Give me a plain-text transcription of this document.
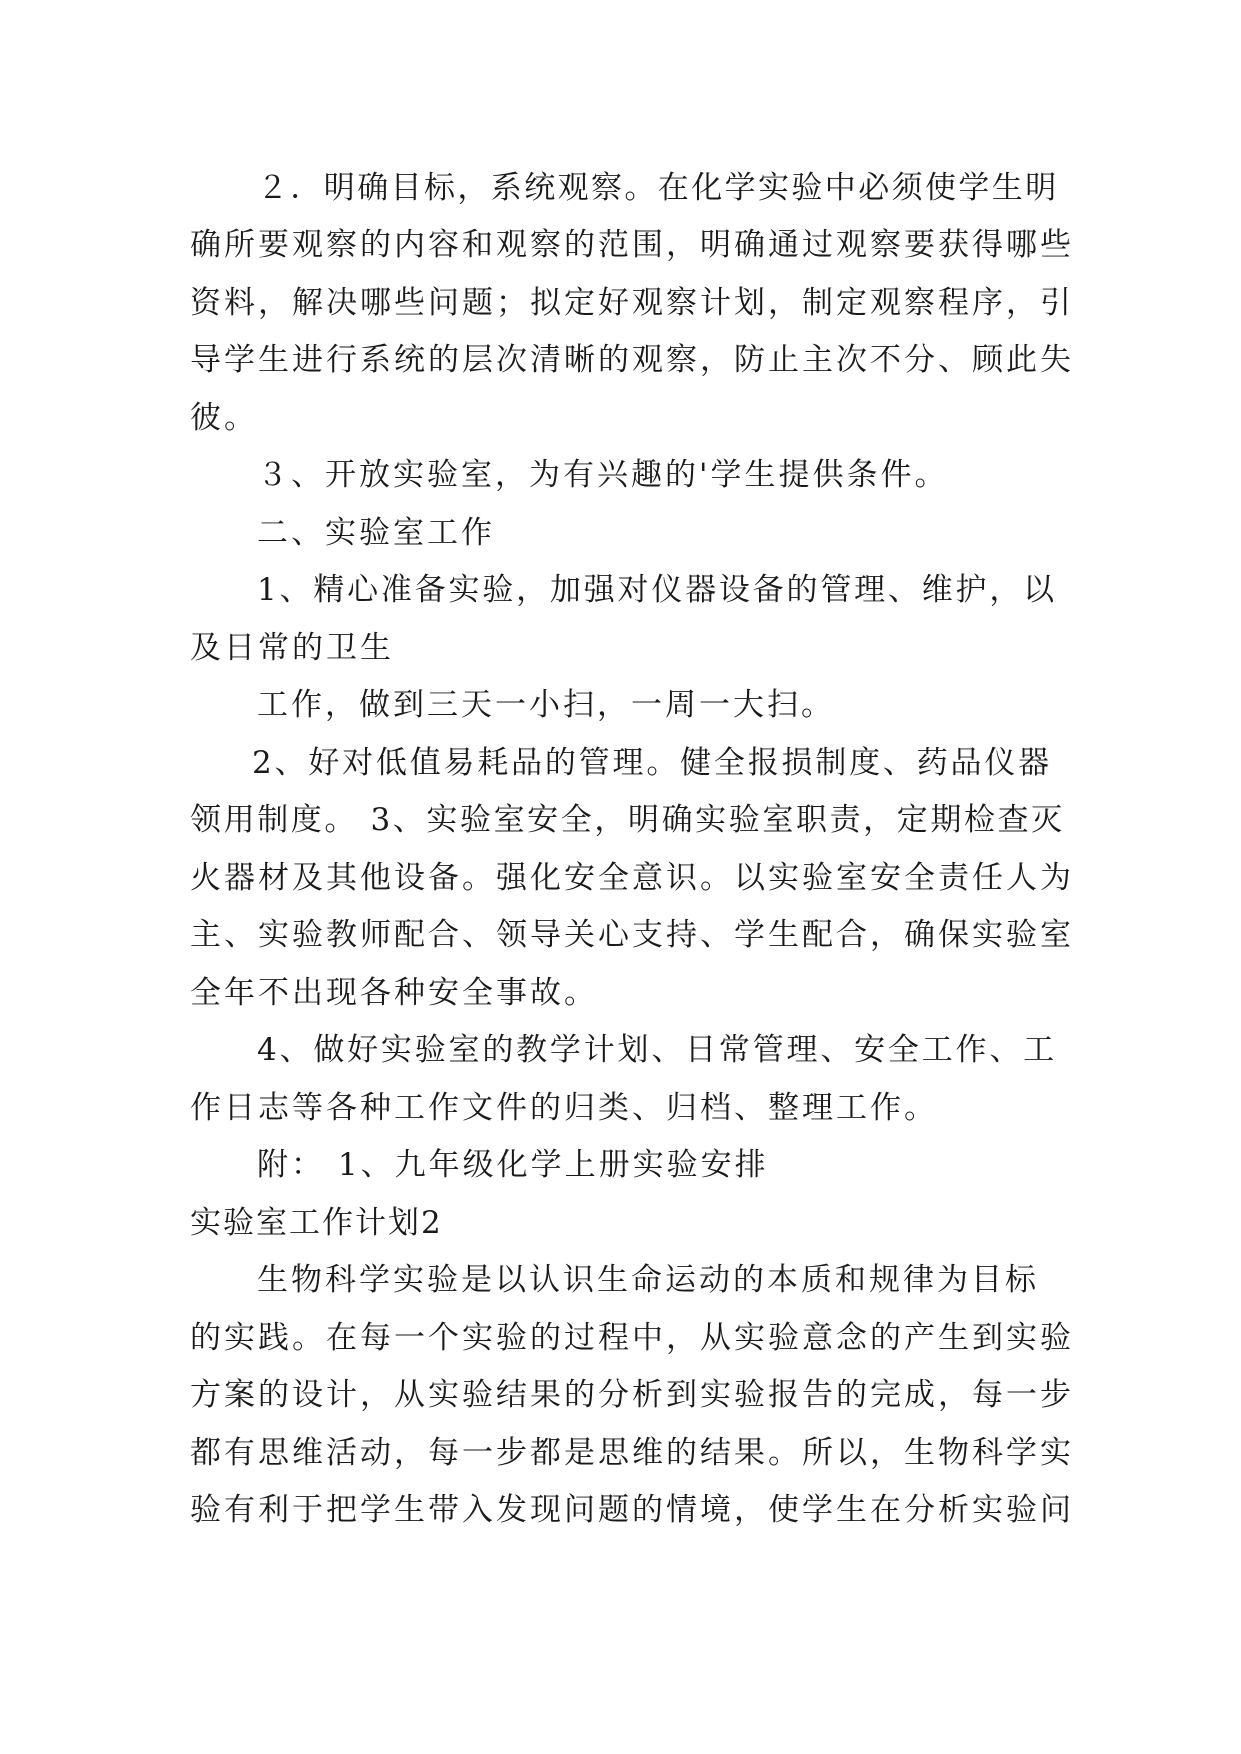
２．明确目标，系统观察。在化学实验中必须使学生明
确所要观察的内容和观察的范围，明确通过观察要获得哪些
资料，解决哪些问题；拟定好观察计划，制定观察程序，引
导学生进行系统的层次清晰的观察，防止主次不分、顾此失
彼。
３、开放实验室，为有兴趣的'学生提供条件。
二、实验室工作
1、精心准备实验，加强对仪器设备的管理、维护，以
及日常的卫生
工作，做到三天一小扫，一周一大扫。
2、好对低值易耗品的管理。健全报损制度、药品仪器
领用制度。 3、实验室安全，明确实验室职责，定期检查灭
火器材及其他设备。强化安全意识。以实验室安全责任人为
主、实验教师配合、领导关心支持、学生配合，确保实验室
全年不出现各种安全事故。
4、做好实验室的教学计划、日常管理、安全工作、工
作日志等各种工作文件的归类、归档、整理工作。
附： 1、九年级化学上册实验安排
实验室工作计划2
生物科学实验是以认识生命运动的本质和规律为目标
的实践。在每一个实验的过程中，从实验意念的产生到实验
方案的设计，从实验结果的分析到实验报告的完成，每一步
都有思维活动，每一步都是思维的结果。所以，生物科学实
验有利于把学生带入发现问题的情境，使学生在分析实验问
